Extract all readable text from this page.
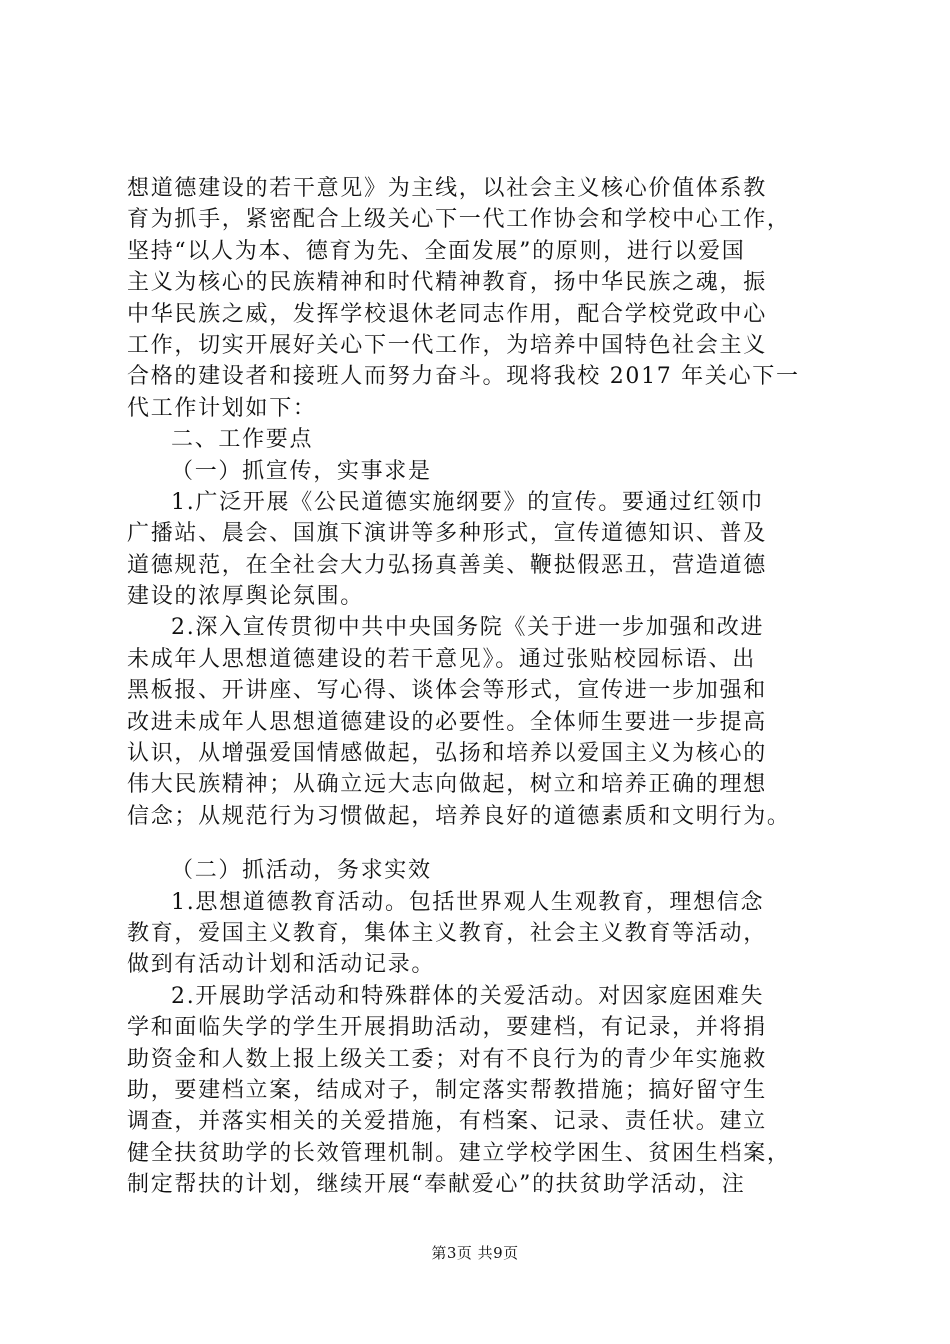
想道德建设的若干意见》为主线，以社会主义核心价值体系教
育为抓手，紧密配合上级关心下一代工作协会和学校中心工作，
坚持“以人为本、德育为先、全面发展”的原则，进行以爱国
主义为核心的民族精神和时代精神教育，扬中华民族之魂，振
中华民族之威，发挥学校退休老同志作用，配合学校党政中心
工作，切实开展好关心下一代工作，为培养中国特色社会主义
合格的建设者和接班人而努力奋斗。现将我校 2017 年关心下一
代工作计划如下：
二、工作要点
（一）抓宣传，实事求是
1.广泛开展《公民道德实施纲要》的宣传。要通过红领巾
广播站、晨会、国旗下演讲等多种形式，宣传道德知识、普及
道德规范，在全社会大力弘扬真善美、鞭挞假恶丑，营造道德
建设的浓厚舆论氛围。
2.深入宣传贯彻中共中央国务院《关于进一步加强和改进
未成年人思想道德建设的若干意见》。通过张贴校园标语、出
黑板报、开讲座、写心得、谈体会等形式，宣传进一步加强和
改进未成年人思想道德建设的必要性。全体师生要进一步提高
认识，从增强爱国情感做起，弘扬和培养以爱国主义为核心的
伟大民族精神；从确立远大志向做起，树立和培养正确的理想
信念；从规范行为习惯做起，培养良好的道德素质和文明行为。
（二）抓活动，务求实效
1.思想道德教育活动。包括世界观人生观教育，理想信念
教育，爱国主义教育，集体主义教育，社会主义教育等活动，
做到有活动计划和活动记录。
2.开展助学活动和特殊群体的关爱活动。对因家庭困难失
学和面临失学的学生开展捐助活动，要建档，有记录，并将捐
助资金和人数上报上级关工委；对有不良行为的青少年实施救
助，要建档立案，结成对子，制定落实帮教措施；搞好留守生
调查，并落实相关的关爱措施，有档案、记录、责任状。建立
健全扶贫助学的长效管理机制。建立学校学困生、贫困生档案，
制定帮扶的计划，继续开展“奉献爱心”的扶贫助学活动，注
第3页 共9页
